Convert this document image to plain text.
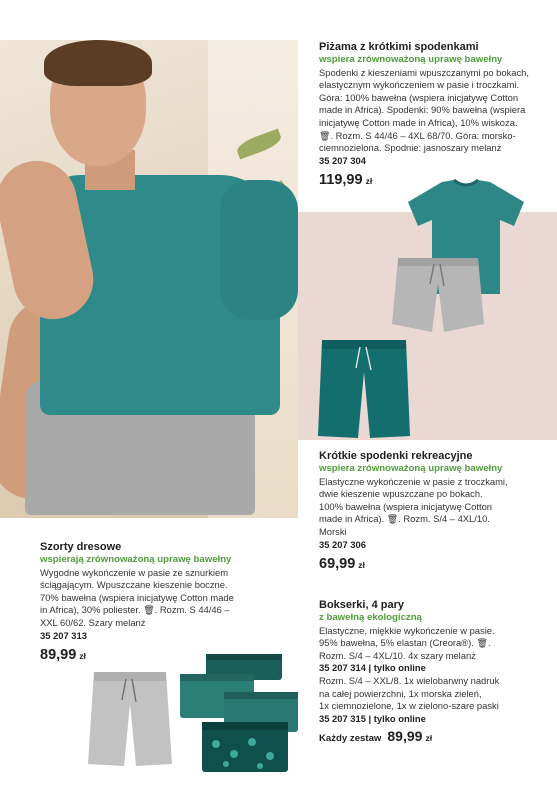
Piżama z krótkimi spodenkami
wspiera zrównoważoną uprawę bawełny
Spodenki z kieszeniami wpuszczanymi po bokach,
elastycznym wykończeniem w pasie i troczkami.
Góra: 100% bawełna (wspiera inicjatywę Cotton
made in Africa). Spodenki: 90% bawełna (wspiera
inicjatywę Cotton made in Africa), 10% wiskoza.
🗑︎. Rozm. S 44/46 – 4XL 68/70. Góra: morsko-
ciemnozielona. Spodnie: jasnoszary melanż
35 207 304
119,99 zł
Krótkie spodenki rekreacyjne
wspiera zrównoważoną uprawę bawełny
Elastyczne wykończenie w pasie z troczkami,
dwie kieszenie wpuszczane po bokach.
100% bawełna (wspiera inicjatywę Cotton
made in Africa). 🗑︎. Rozm. S/4 – 4XL/10.
Morski
35 207 306
69,99 zł
Szorty dresowe
wspierają zrównoważoną uprawę bawełny
Wygodne wykończenie w pasie ze sznurkiem
ściągającym. Wpuszczane kieszenie boczne.
70% bawełna (wspiera inicjatywę Cotton made
in Africa), 30% poliester. 🗑︎. Rozm. S 44/46 –
XXL 60/62. Szary melanż
35 207 313
89,99 zł
Bokserki, 4 pary
z bawełną ekologiczną
Elastyczne, miękkie wykończenie w pasie.
95% bawełna, 5% elastan (Creora®). 🗑︎.
Rozm. S/4 – 4XL/10. 4x szary melanż
35 207 314 | tylko online
Rozm. S/4 – XXL/8. 1x wielobarwny nadruk
na całej powierzchni, 1x morska zieleń,
1x ciemnozielone, 1x w zielono-szare paski
35 207 315 | tylko online
Każdy zestaw 89,99 zł
